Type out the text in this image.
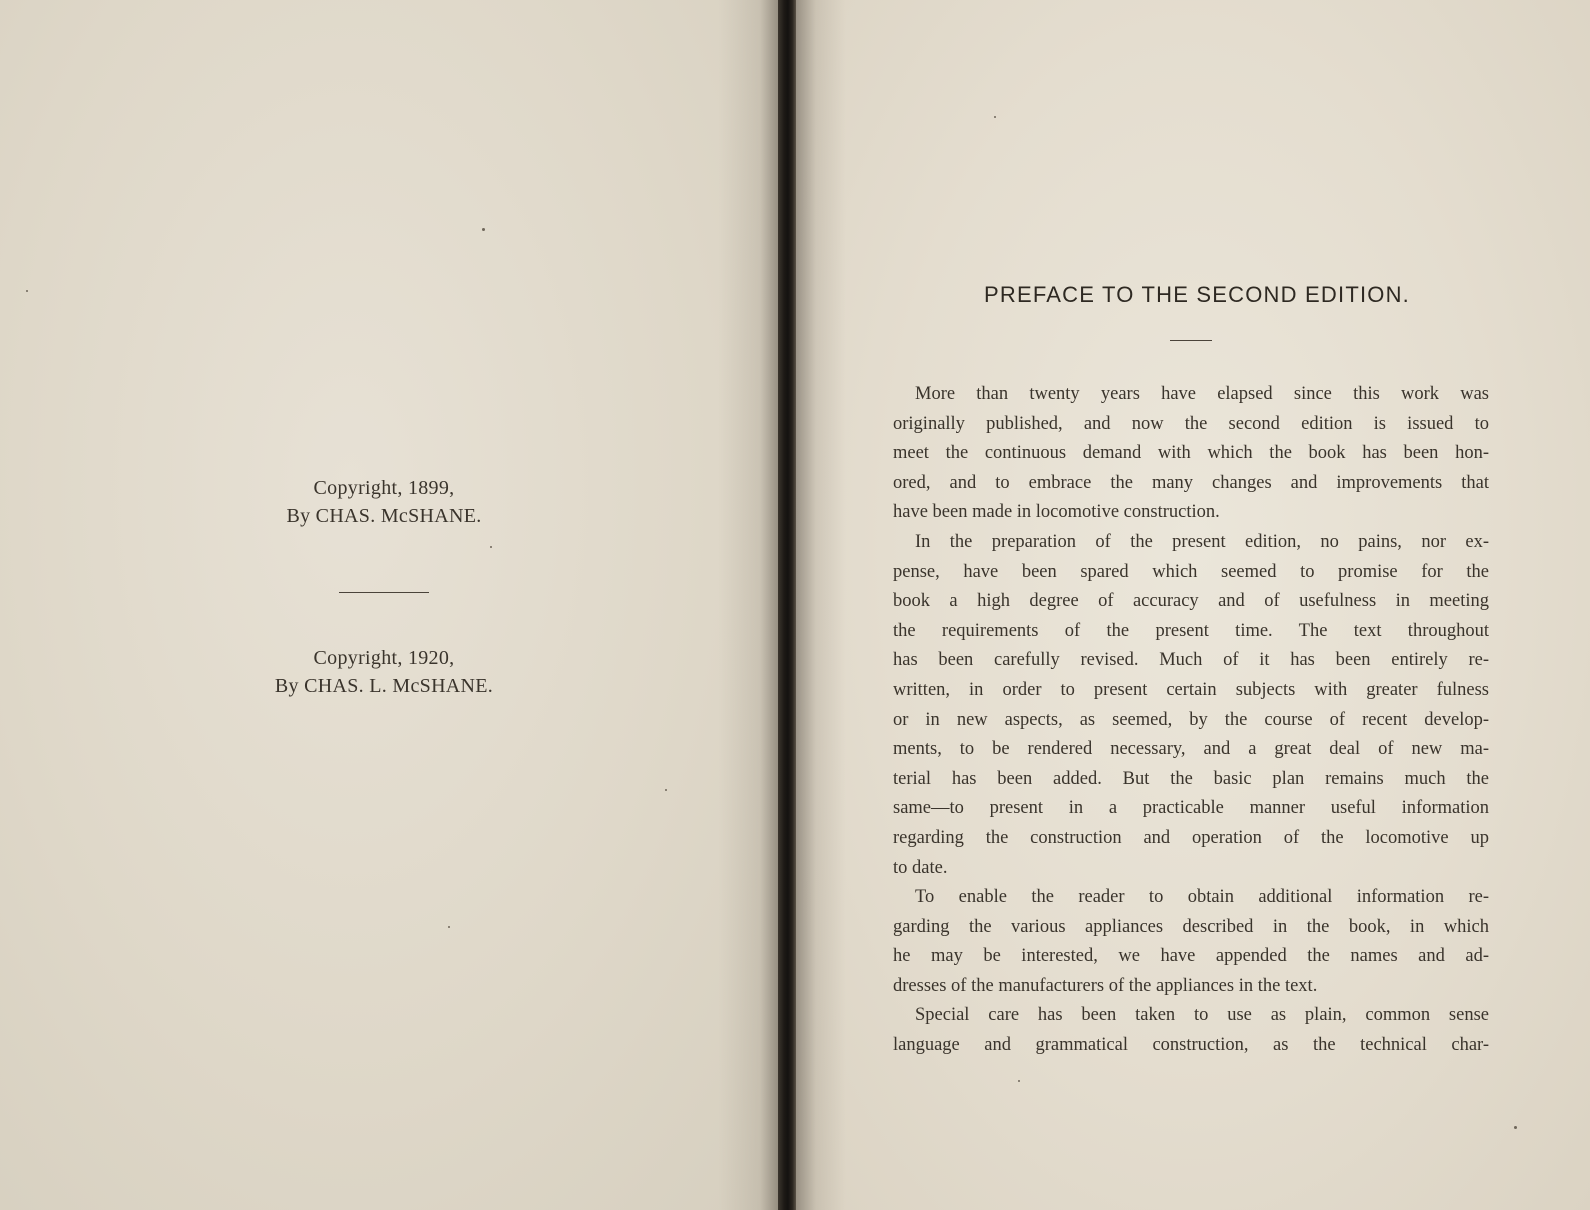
Copyright, 1899,
By CHAS. McSHANE.
Copyright, 1920,
By CHAS. L. McSHANE.
PREFACE TO THE SECOND EDITION.
More than twenty years have elapsed since this work was
originally published, and now the second edition is issued to
meet the continuous demand with which the book has been hon-
ored, and to embrace the many changes and improvements that
have been made in locomotive construction.
In the preparation of the present edition, no pains, nor ex-
pense, have been spared which seemed to promise for the
book a high degree of accuracy and of usefulness in meeting
the requirements of the present time. The text throughout
has been carefully revised. Much of it has been entirely re-
written, in order to present certain subjects with greater fulness
or in new aspects, as seemed, by the course of recent develop-
ments, to be rendered necessary, and a great deal of new ma-
terial has been added. But the basic plan remains much the
same—to present in a practicable manner useful information
regarding the construction and operation of the locomotive up
to date.
To enable the reader to obtain additional information re-
garding the various appliances described in the book, in which
he may be interested, we have appended the names and ad-
dresses of the manufacturers of the appliances in the text.
Special care has been taken to use as plain, common sense
language and grammatical construction, as the technical char-
